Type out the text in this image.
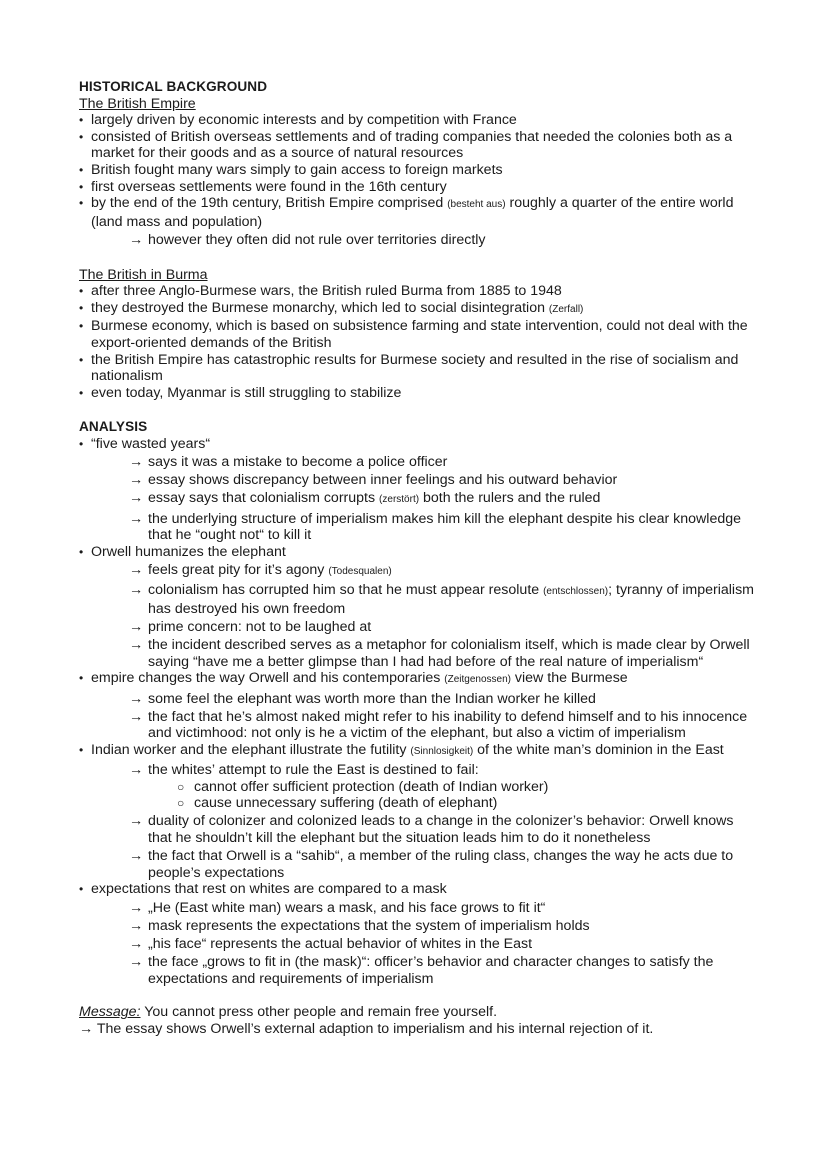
HISTORICAL BACKGROUND
The British Empire
• largely driven by economic interests and by competition with France
• consisted of British overseas settlements and of trading companies that needed the colonies both as a market for their goods and as a source of natural resources
• British fought many wars simply to gain access to foreign markets
• first overseas settlements were found in the 16th century
• by the end of the 19th century, British Empire comprised (besteht aus) roughly a quarter of the entire world (land mass and population)
→ however they often did not rule over territories directly
The British in Burma
• after three Anglo-Burmese wars, the British ruled Burma from 1885 to 1948
• they destroyed the Burmese monarchy, which led to social disintegration (Zerfall)
• Burmese economy, which is based on subsistence farming and state intervention, could not deal with the export-oriented demands of the British
• the British Empire has catastrophic results for Burmese society and resulted in the rise of socialism and nationalism
• even today, Myanmar is still struggling to stabilize
ANALYSIS
• “five wasted years“
→ says it was a mistake to become a police officer
→ essay shows discrepancy between inner feelings and his outward behavior
→ essay says that colonialism corrupts (zerstört) both the rulers and the ruled
→ the underlying structure of imperialism makes him kill the elephant despite his clear knowledge that he “ought not“ to kill it
• Orwell humanizes the elephant
→ feels great pity for it’s agony (Todesqualen)
→ colonialism has corrupted him so that he must appear resolute (entschlossen); tyranny of imperialism has destroyed his own freedom
→ prime concern: not to be laughed at
→ the incident described serves as a metaphor for colonialism itself, which is made clear by Orwell saying “have me a better glimpse than I had had before of the real nature of imperialism“
• empire changes the way Orwell and his contemporaries (Zeitgenossen) view the Burmese
→ some feel the elephant was worth more than the Indian worker he killed
→ the fact that he’s almost naked might refer to his inability to defend himself and to his innocence and victimhood: not only is he a victim of the elephant, but also a victim of imperialism
• Indian worker and the elephant illustrate the futility (Sinnlosigkeit) of the white man’s dominion in the East
→ the whites’ attempt to rule the East is destined to fail:
○ cannot offer sufficient protection (death of Indian worker)
○ cause unnecessary suffering (death of elephant)
→ duality of colonizer and colonized leads to a change in the colonizer’s behavior: Orwell knows that he shouldn’t kill the elephant but the situation leads him to do it nonetheless
→ the fact that Orwell is a “sahib“, a member of the ruling class, changes the way he acts due to people’s expectations
• expectations that rest on whites are compared to a mask
→ „He (East white man) wears a mask, and his face grows to fit it“
→ mask represents the expectations that the system of imperialism holds
→ „his face“ represents the actual behavior of whites in the East
→ the face „grows to fit in (the mask)“: officer’s behavior and character changes to satisfy the expectations and requirements of imperialism
Message: You cannot press other people and remain free yourself.
→ The essay shows Orwell’s external adaption to imperialism and his internal rejection of it.
